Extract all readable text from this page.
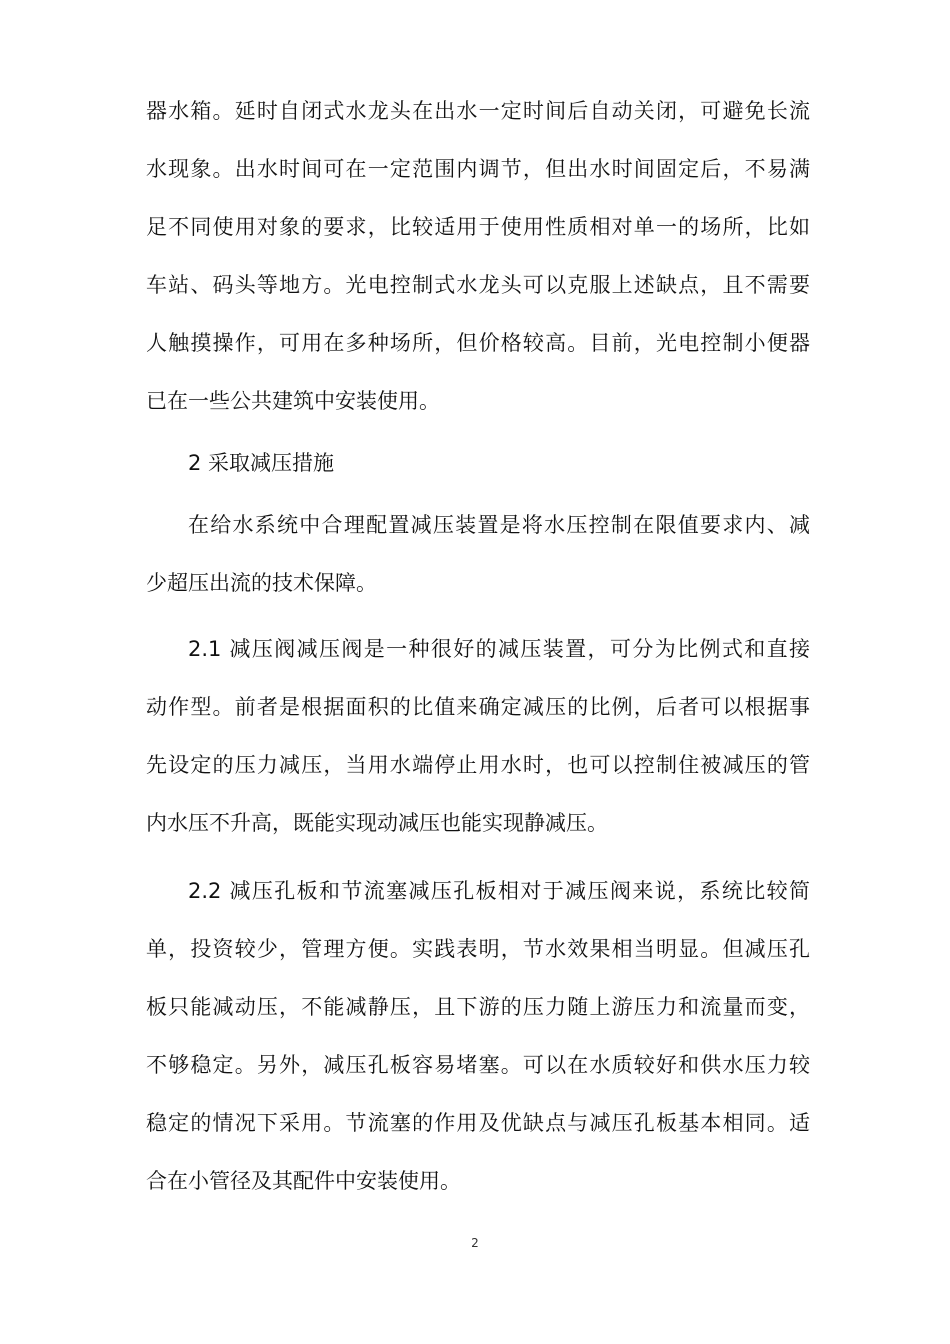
器水箱。延时自闭式水龙头在出水一定时间后自动关闭，可避免长流
水现象。出水时间可在一定范围内调节，但出水时间固定后，不易满
足不同使用对象的要求，比较适用于使用性质相对单一的场所，比如
车站、码头等地方。光电控制式水龙头可以克服上述缺点，且不需要
人触摸操作，可用在多种场所，但价格较高。目前，光电控制小便器
已在一些公共建筑中安装使用。
2 采取减压措施
在给水系统中合理配置减压装置是将水压控制在限值要求内、减
少超压出流的技术保障。
2.1 减压阀减压阀是一种很好的减压装置，可分为比例式和直接
动作型。前者是根据面积的比值来确定减压的比例，后者可以根据事
先设定的压力减压，当用水端停止用水时，也可以控制住被减压的管
内水压不升高，既能实现动减压也能实现静减压。
2.2 减压孔板和节流塞减压孔板相对于减压阀来说，系统比较简
单，投资较少，管理方便。实践表明，节水效果相当明显。但减压孔
板只能减动压，不能减静压，且下游的压力随上游压力和流量而变，
不够稳定。另外，减压孔板容易堵塞。可以在水质较好和供水压力较
稳定的情况下采用。节流塞的作用及优缺点与减压孔板基本相同。适
合在小管径及其配件中安装使用。
2
